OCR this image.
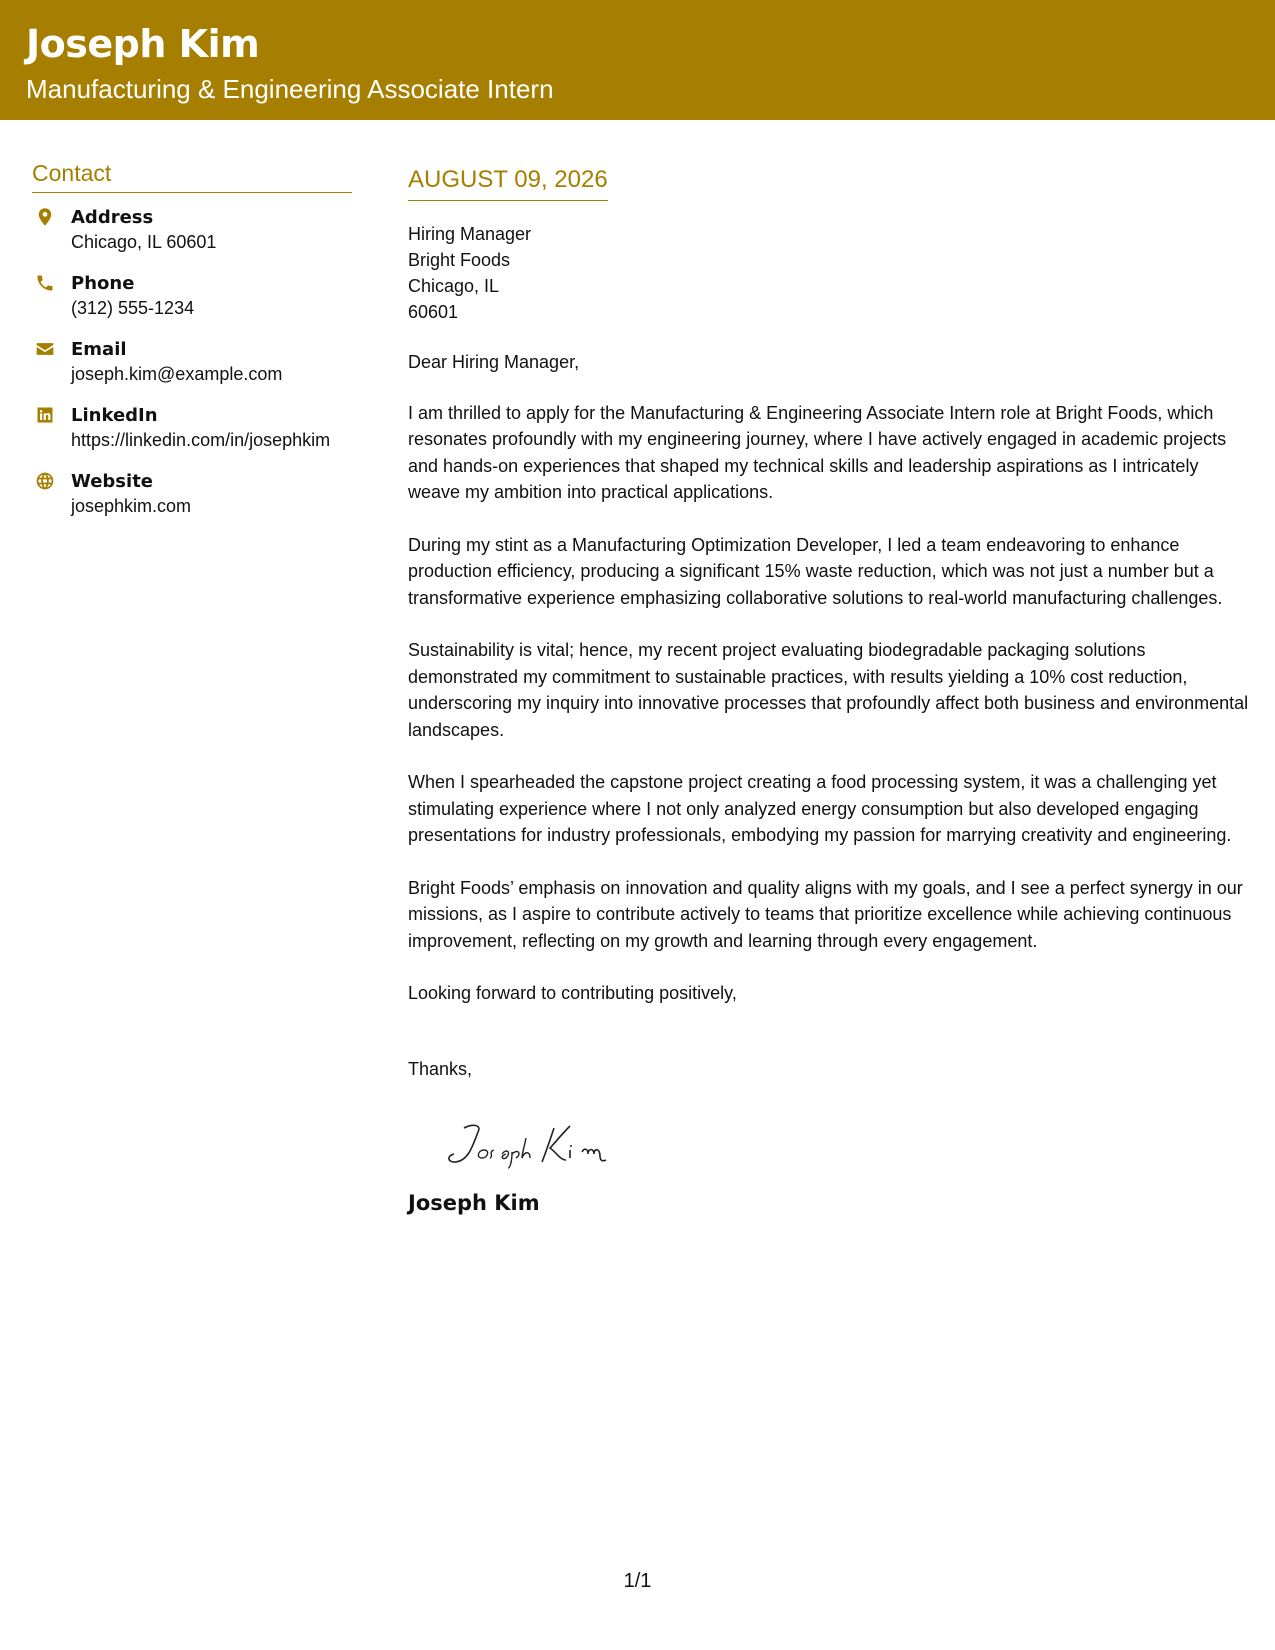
Joseph Kim
Manufacturing & Engineering Associate Intern
Contact
Address
Chicago, IL 60601
Phone
(312) 555-1234
Email
joseph.kim@example.com
LinkedIn
https://linkedin.com/in/josephkim
Website
josephkim.com
AUGUST 09, 2026
Hiring Manager
Bright Foods
Chicago, IL
60601

Dear Hiring Manager,

I am thrilled to apply for the Manufacturing & Engineering Associate Intern role at Bright Foods, which resonates profoundly with my engineering journey, where I have actively engaged in academic projects and hands-on experiences that shaped my technical skills and leadership aspirations as I intricately weave my ambition into practical applications.

During my stint as a Manufacturing Optimization Developer, I led a team endeavoring to enhance production efficiency, producing a significant 15% waste reduction, which was not just a number but a transformative experience emphasizing collaborative solutions to real-world manufacturing challenges.

Sustainability is vital; hence, my recent project evaluating biodegradable packaging solutions demonstrated my commitment to sustainable practices, with results yielding a 10% cost reduction, underscoring my inquiry into innovative processes that profoundly affect both business and environmental landscapes.

When I spearheaded the capstone project creating a food processing system, it was a challenging yet stimulating experience where I not only analyzed energy consumption but also developed engaging presentations for industry professionals, embodying my passion for marrying creativity and engineering.

Bright Foods’ emphasis on innovation and quality aligns with my goals, and I see a perfect synergy in our missions, as I aspire to contribute actively to teams that prioritize excellence while achieving continuous improvement, reflecting on my growth and learning through every engagement.

Looking forward to contributing positively,

Thanks,
Joseph Kim
1/1
